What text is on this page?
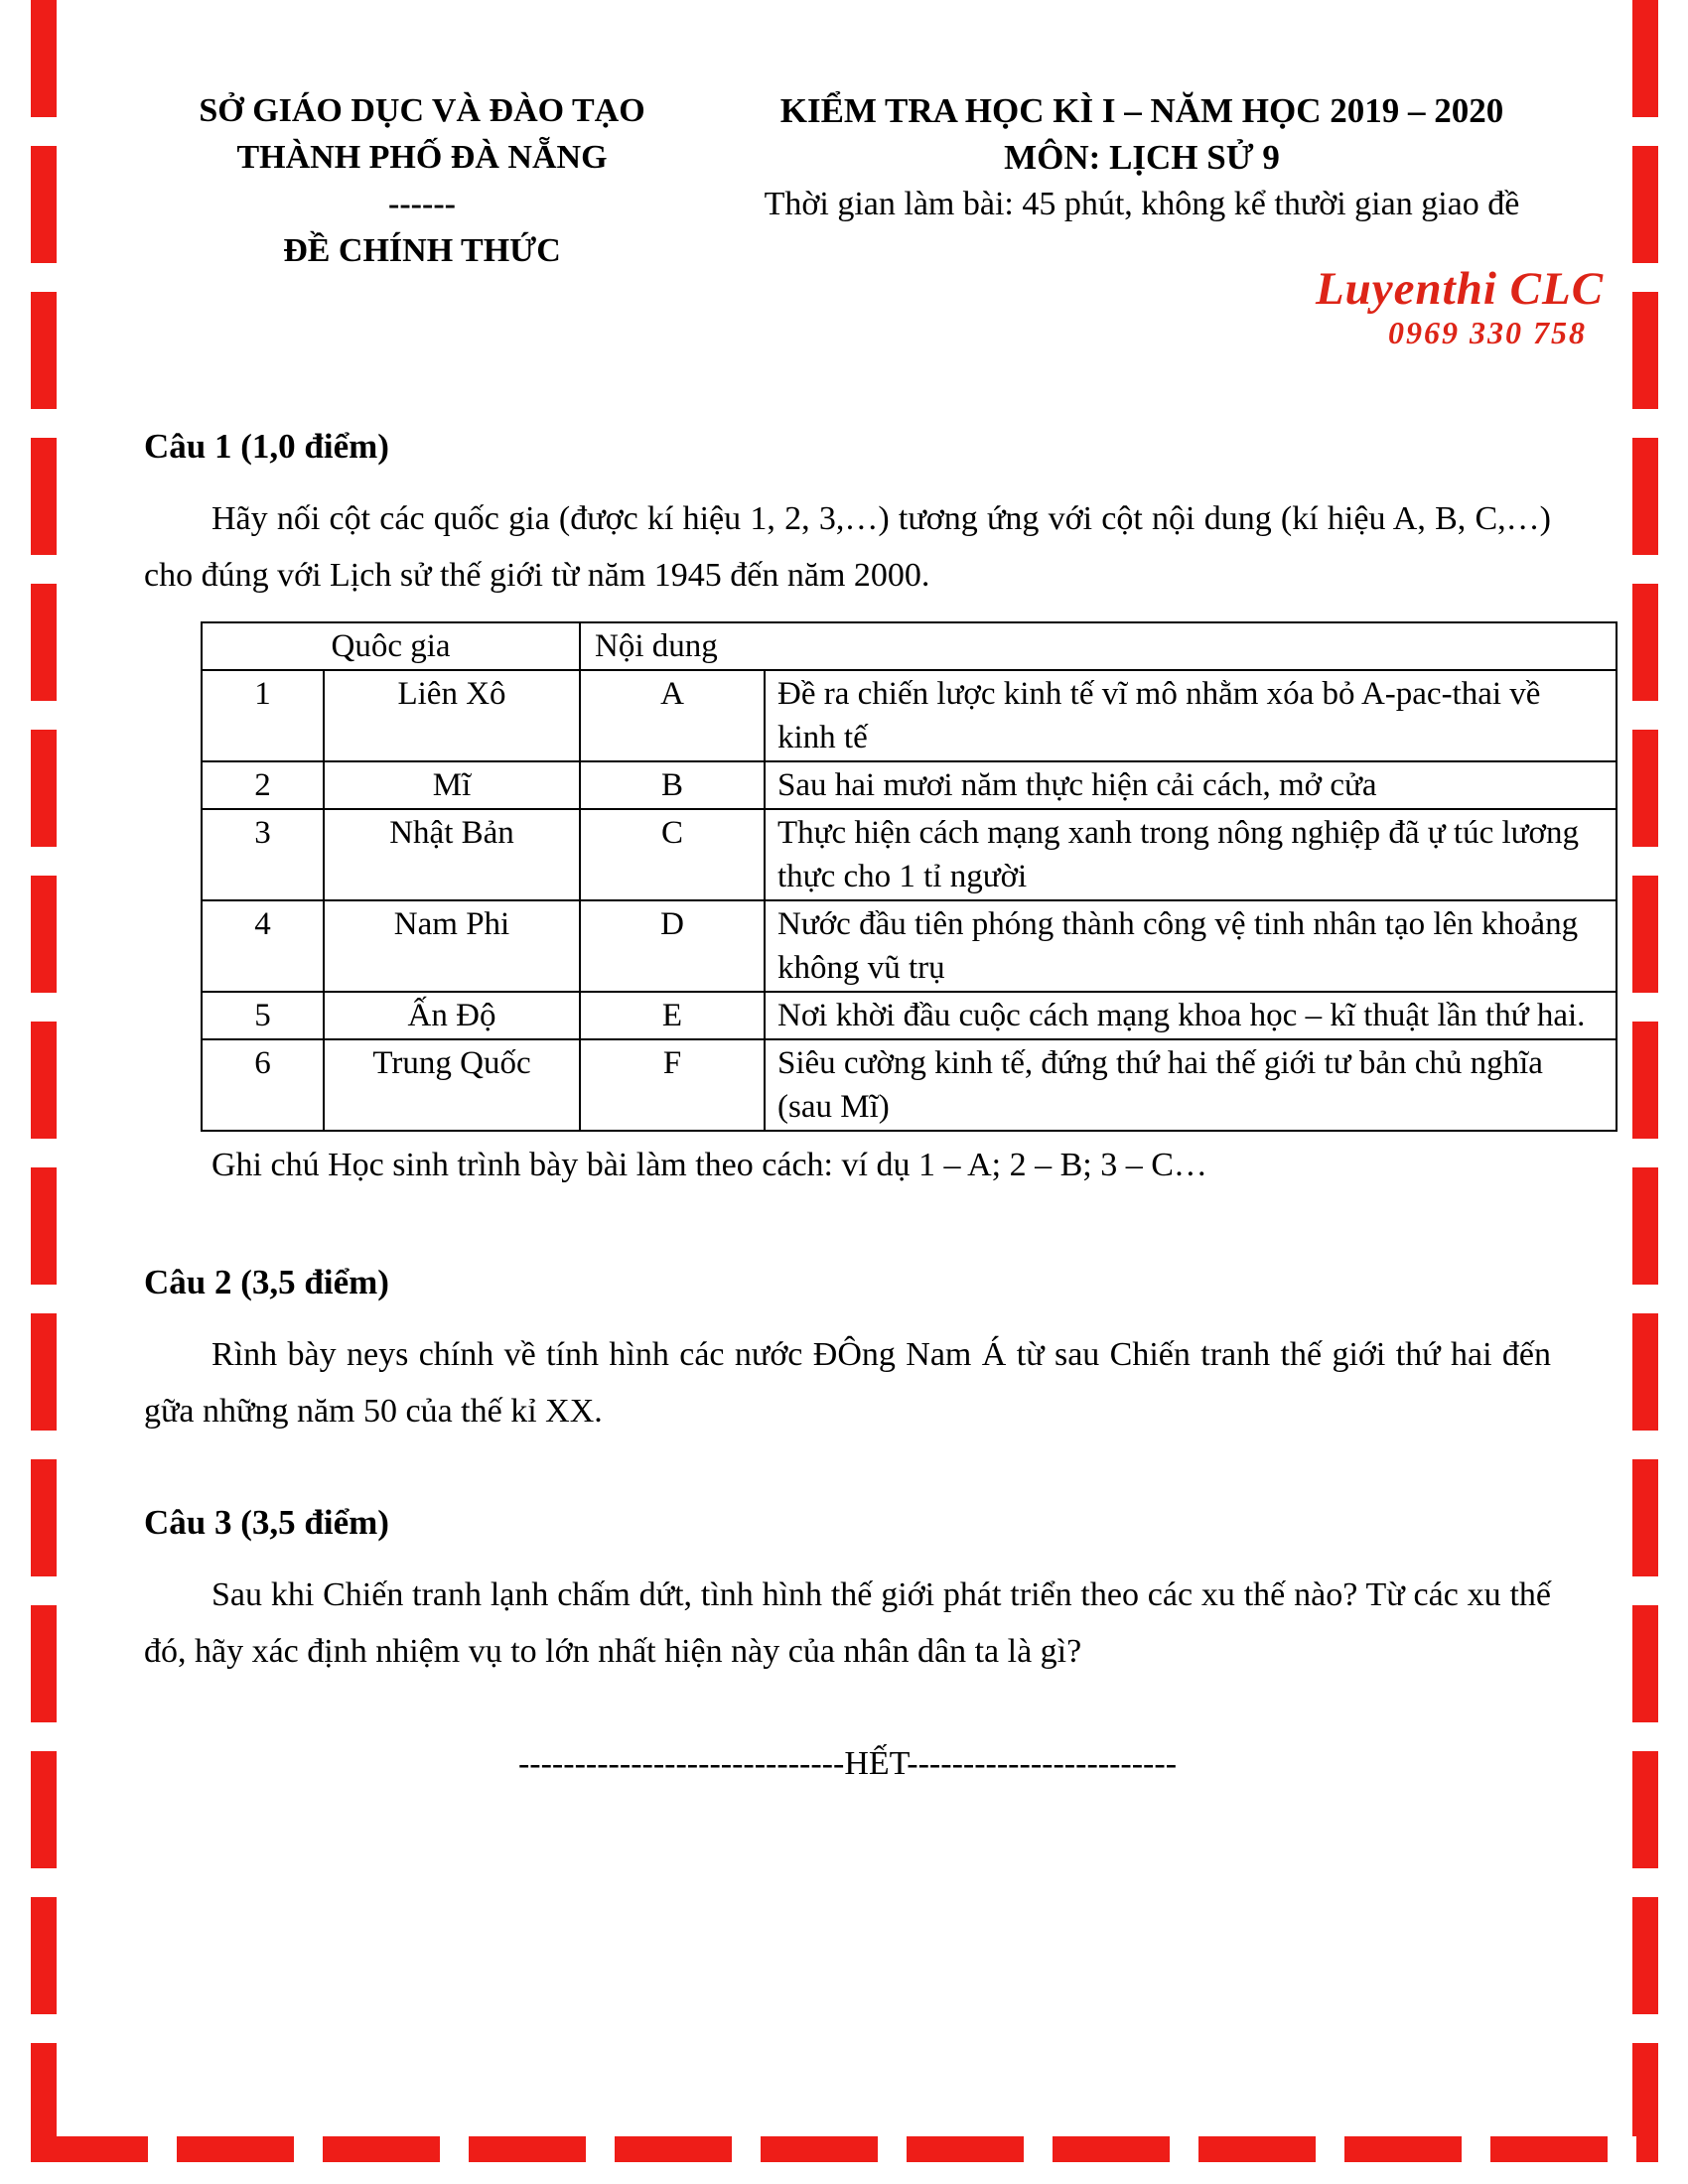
SỞ GIÁO DỤC VÀ ĐÀO TẠO
THÀNH PHỐ ĐÀ NẴNG
------
ĐỀ CHÍNH THỨC
KIỂM TRA HỌC KÌ I – NĂM HỌC 2019 – 2020
MÔN: LỊCH SỬ 9
Thời gian làm bài: 45 phút, không kể thười gian giao đề
Luyenthi CLC
0969 330 758

Câu 1 (1,0 điểm)

Hãy nối cột các quốc gia (được kí hiệu 1, 2, 3,…) tương ứng với cột nội dung (kí hiệu A, B, C,…) cho đúng với Lịch sử thế giới từ năm 1945 đến năm 2000.

Quôc gia		Nội dung	
1	Liên Xô	A	Đề ra chiến lược kinh tế vĩ mô nhằm xóa bỏ A-pac-thai về kinh tế
2	Mĩ	B	Sau hai mươi năm thực hiện cải cách, mở cửa
3	Nhật Bản	C	Thực hiện cách mạng xanh trong nông nghiệp đã ự túc lương thực cho 1 tỉ người
4	Nam Phi	D	Nước đầu tiên phóng thành công vệ tinh nhân tạo lên khoảng không vũ trụ
5	Ấn Độ	E	Nơi khời đầu cuộc cách mạng khoa học – kĩ thuật lần thứ hai.
6	Trung Quốc	F	Siêu cường kinh tế, đứng thứ hai thế giới tư bản chủ nghĩa (sau Mĩ)

Ghi chú Học sinh trình bày bài làm theo cách: ví dụ 1 – A; 2 – B; 3 – C…

Câu 2 (3,5 điểm)

Rình bày neys chính về tính hình các nước ĐÔng Nam Á từ sau Chiến tranh thế giới thứ hai đến gữa những năm 50 của thế kỉ XX.

Câu 3 (3,5 điểm)

Sau khi Chiến tranh lạnh chấm dứt, tình hình thế giới phát triển theo các xu thế nào? Từ các xu thế đó, hãy xác định nhiệm vụ to lớn nhất hiện này của nhân dân ta là gì?

-----------------------------HẾT------------------------
